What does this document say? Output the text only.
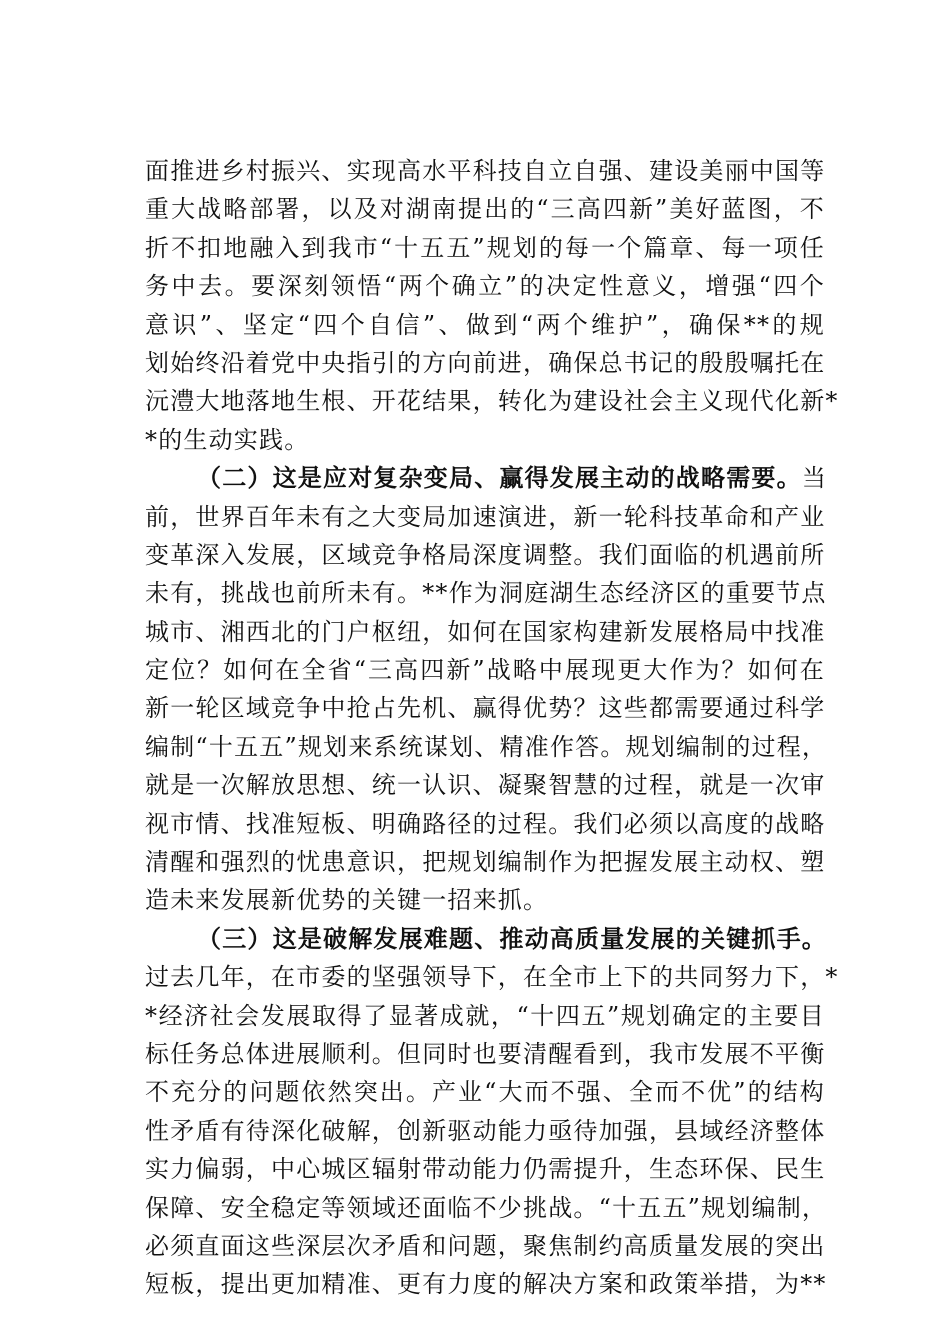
面推进乡村振兴、实现高水平科技自立自强、建设美丽中国等
重大战略部署，以及对湖南提出的“三高四新”美好蓝图，不
折不扣地融入到我市“十五五”规划的每一个篇章、每一项任
务中去。要深刻领悟“两个确立”的决定性意义，增强“四个
意识”、坚定“四个自信”、做到“两个维护”，确保**的规
划始终沿着党中央指引的方向前进，确保总书记的殷殷嘱托在
沅澧大地落地生根、开花结果，转化为建设社会主义现代化新*
*的生动实践。
（二）这是应对复杂变局、赢得发展主动的战略需要。当
前，世界百年未有之大变局加速演进，新一轮科技革命和产业
变革深入发展，区域竞争格局深度调整。我们面临的机遇前所
未有，挑战也前所未有。**作为洞庭湖生态经济区的重要节点
城市、湘西北的门户枢纽，如何在国家构建新发展格局中找准
定位？如何在全省“三高四新”战略中展现更大作为？如何在
新一轮区域竞争中抢占先机、赢得优势？这些都需要通过科学
编制“十五五”规划来系统谋划、精准作答。规划编制的过程，
就是一次解放思想、统一认识、凝聚智慧的过程，就是一次审
视市情、找准短板、明确路径的过程。我们必须以高度的战略
清醒和强烈的忧患意识，把规划编制作为把握发展主动权、塑
造未来发展新优势的关键一招来抓。
（三）这是破解发展难题、推动高质量发展的关键抓手。
过去几年，在市委的坚强领导下，在全市上下的共同努力下，*
*经济社会发展取得了显著成就，“十四五”规划确定的主要目
标任务总体进展顺利。但同时也要清醒看到，我市发展不平衡
不充分的问题依然突出。产业“大而不强、全而不优”的结构
性矛盾有待深化破解，创新驱动能力亟待加强，县域经济整体
实力偏弱，中心城区辐射带动能力仍需提升，生态环保、民生
保障、安全稳定等领域还面临不少挑战。“十五五”规划编制，
必须直面这些深层次矛盾和问题，聚焦制约高质量发展的突出
短板，提出更加精准、更有力度的解决方案和政策举措，为**
